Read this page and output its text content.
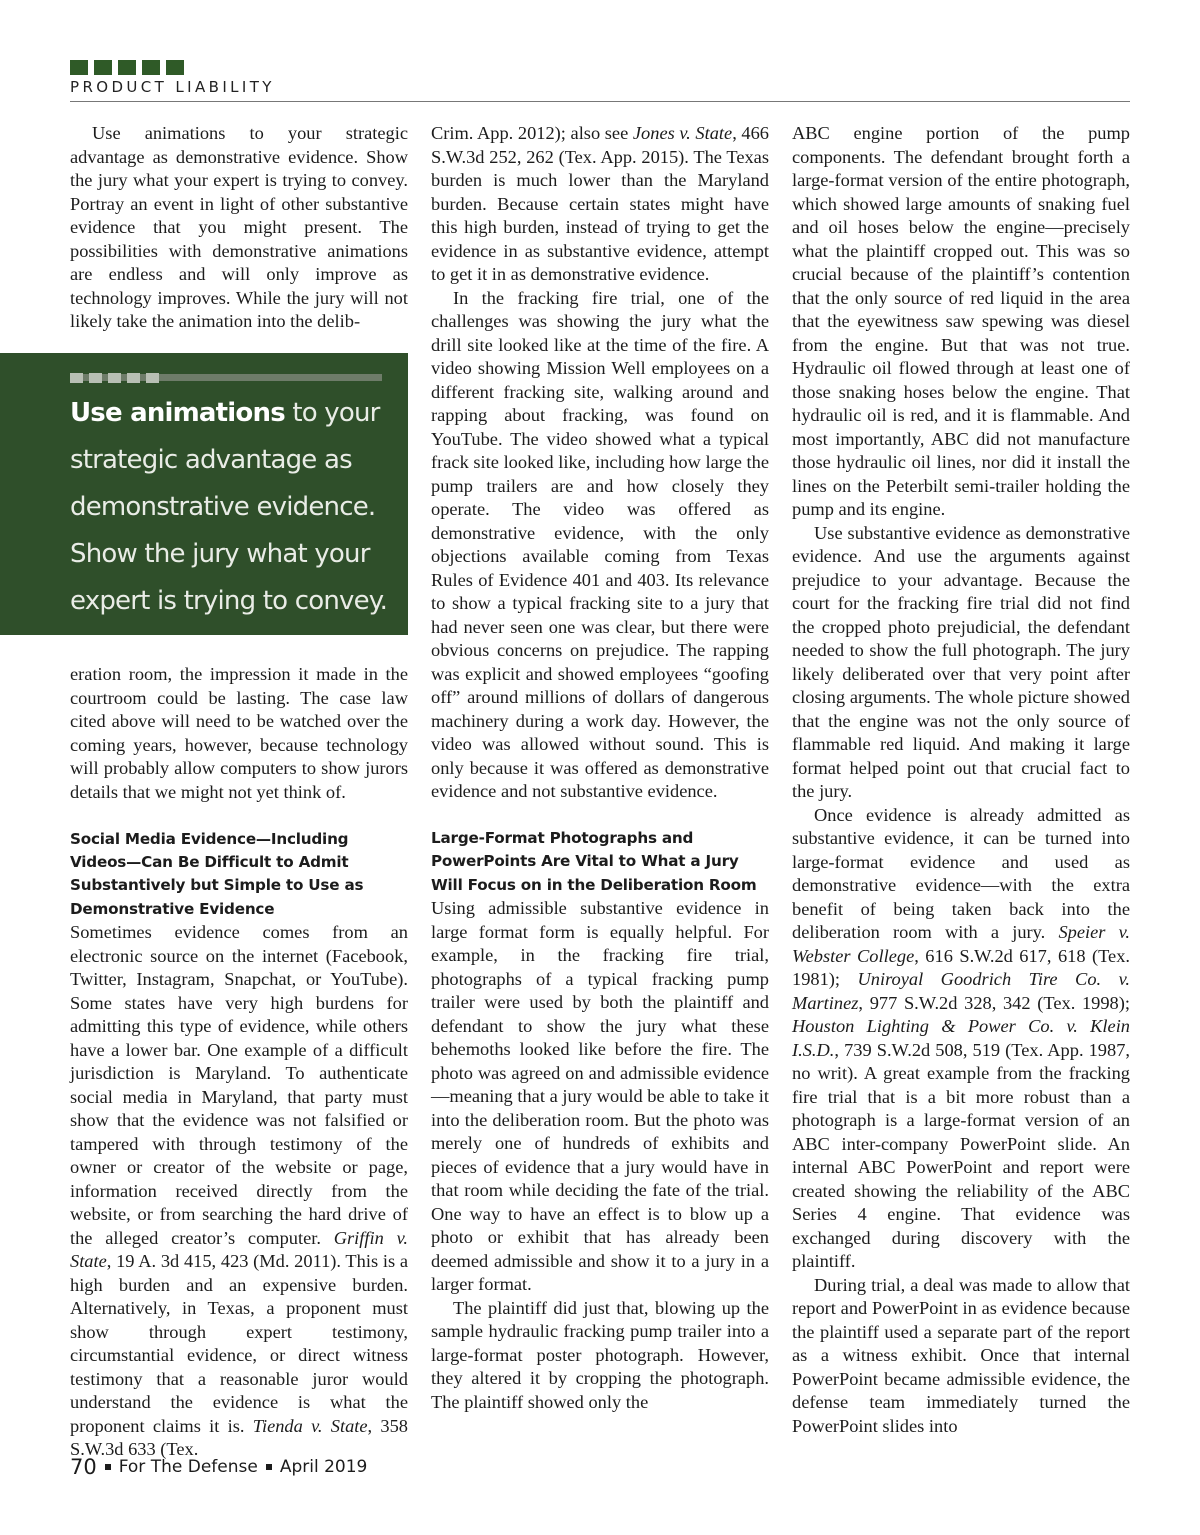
PRODUCT LIABILITY

Use animations to your strategic advantage as demonstrative evidence. Show the jury what your expert is trying to convey. Portray an event in light of other substantive evidence that you might present. The possibilities with demonstrative animations are endless and will only improve as technology improves. While the jury will not likely take the animation into the delib-

Use animations to your strategic advantage as demonstrative evidence. Show the jury what your expert is trying to convey.

eration room, the impression it made in the courtroom could be lasting. The case law cited above will need to be watched over the coming years, however, because technology will probably allow computers to show jurors details that we might not yet think of.

Social Media Evidence—Including Videos—Can Be Difficult to Admit Substantively but Simple to Use as Demonstrative Evidence

Sometimes evidence comes from an electronic source on the internet (Facebook, Twitter, Instagram, Snapchat, or YouTube). Some states have very high burdens for admitting this type of evidence, while others have a lower bar. One example of a difficult jurisdiction is Maryland. To authenticate social media in Maryland, that party must show that the evidence was not falsified or tampered with through testimony of the owner or creator of the website or page, information received directly from the website, or from searching the hard drive of the alleged creator’s computer. Griffin v. State, 19 A. 3d 415, 423 (Md. 2011). This is a high burden and an expensive burden. Alternatively, in Texas, a proponent must show through expert testimony, circumstantial evidence, or direct witness testimony that a reasonable juror would understand the evidence is what the proponent claims it is. Tienda v. State, 358 S.W.3d 633 (Tex.

Crim. App. 2012); also see Jones v. State, 466 S.W.3d 252, 262 (Tex. App. 2015). The Texas burden is much lower than the Maryland burden. Because certain states might have this high burden, instead of trying to get the evidence in as substantive evidence, attempt to get it in as demonstrative evidence.

In the fracking fire trial, one of the challenges was showing the jury what the drill site looked like at the time of the fire. A video showing Mission Well employees on a different fracking site, walking around and rapping about fracking, was found on YouTube. The video showed what a typical frack site looked like, including how large the pump trailers are and how closely they operate. The video was offered as demonstrative evidence, with the only objections available coming from Texas Rules of Evidence 401 and 403. Its relevance to show a typical fracking site to a jury that had never seen one was clear, but there were obvious concerns on prejudice. The rapping was explicit and showed employees “goofing off” around millions of dollars of dangerous machinery during a work day. However, the video was allowed without sound. This is only because it was offered as demonstrative evidence and not substantive evidence.

Large-Format Photographs and PowerPoints Are Vital to What a Jury Will Focus on in the Deliberation Room

Using admissible substantive evidence in large format form is equally helpful. For example, in the fracking fire trial, photographs of a typical fracking pump trailer were used by both the plaintiff and defendant to show the jury what these behemoths looked like before the fire. The photo was agreed on and admissible evidence—meaning that a jury would be able to take it into the deliberation room. But the photo was merely one of hundreds of exhibits and pieces of evidence that a jury would have in that room while deciding the fate of the trial. One way to have an effect is to blow up a photo or exhibit that has already been deemed admissible and show it to a jury in a larger format.

The plaintiff did just that, blowing up the sample hydraulic fracking pump trailer into a large-format poster photograph. However, they altered it by cropping the photograph. The plaintiff showed only the

ABC engine portion of the pump components. The defendant brought forth a large-format version of the entire photograph, which showed large amounts of snaking fuel and oil hoses below the engine—precisely what the plaintiff cropped out. This was so crucial because of the plaintiff’s contention that the only source of red liquid in the area that the eyewitness saw spewing was diesel from the engine. But that was not true. Hydraulic oil flowed through at least one of those snaking hoses below the engine. That hydraulic oil is red, and it is flammable. And most importantly, ABC did not manufacture those hydraulic oil lines, nor did it install the lines on the Peterbilt semi-trailer holding the pump and its engine.

Use substantive evidence as demonstrative evidence. And use the arguments against prejudice to your advantage. Because the court for the fracking fire trial did not find the cropped photo prejudicial, the defendant needed to show the full photograph. The jury likely deliberated over that very point after closing arguments. The whole picture showed that the engine was not the only source of flammable red liquid. And making it large format helped point out that crucial fact to the jury.

Once evidence is already admitted as substantive evidence, it can be turned into large-format evidence and used as demonstrative evidence—with the extra benefit of being taken back into the deliberation room with a jury. Speier v. Webster College, 616 S.W.2d 617, 618 (Tex. 1981); Uniroyal Goodrich Tire Co. v. Martinez, 977 S.W.2d 328, 342 (Tex. 1998); Houston Lighting & Power Co. v. Klein I.S.D., 739 S.W.2d 508, 519 (Tex. App. 1987, no writ). A great example from the fracking fire trial that is a bit more robust than a photograph is a large-format version of an ABC inter-company PowerPoint slide. An internal ABC PowerPoint and report were created showing the reliability of the ABC Series 4 engine. That evidence was exchanged during discovery with the plaintiff.

During trial, a deal was made to allow that report and PowerPoint in as evidence because the plaintiff used a separate part of the report as a witness exhibit. Once that internal PowerPoint became admissible evidence, the defense team immediately turned the PowerPoint slides into

70 For The Defense April 2019
